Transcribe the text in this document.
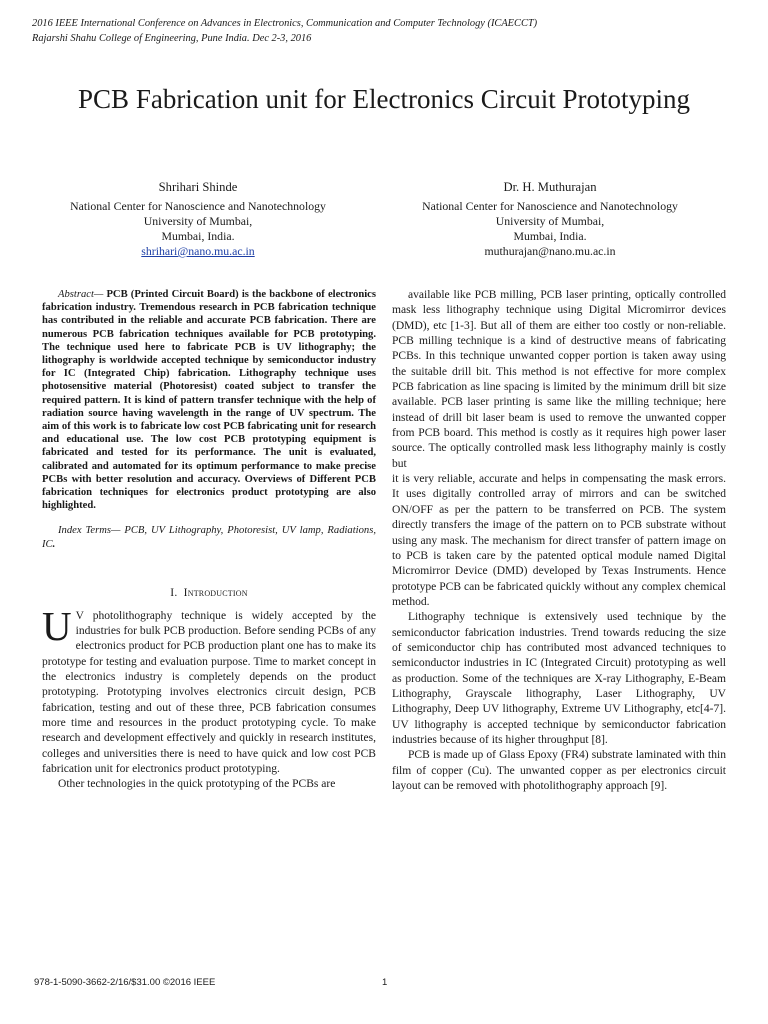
2016 IEEE International Conference on Advances in Electronics, Communication and Computer Technology (ICAECCT)
Rajarshi Shahu College of Engineering, Pune India. Dec 2-3, 2016
PCB Fabrication unit for Electronics Circuit Prototyping
Shrihari Shinde
National Center for Nanoscience and Nanotechnology
University of Mumbai,
Mumbai, India.
shrihari@nano.mu.ac.in
Dr. H. Muthurajan
National Center for Nanoscience and Nanotechnology
University of Mumbai,
Mumbai, India.
muthurajan@nano.mu.ac.in

Abstract— PCB (Printed Circuit Board) is the backbone of electronics fabrication industry. Tremendous research in PCB fabrication technique has contributed in the reliable and accurate PCB fabrication. There are numerous PCB fabrication techniques available for PCB prototyping. The technique used here to fabricate PCB is UV lithography; the lithography is worldwide accepted technique by semiconductor industry for IC (Integrated Chip) fabrication. Lithography technique uses photosensitive material (Photoresist) coated subject to transfer the required pattern. It is kind of pattern transfer technique with the help of radiation source having wavelength in the range of UV spectrum. The aim of this work is to fabricate low cost PCB fabricating unit for research and educational use. The low cost PCB prototyping equipment is fabricated and tested for its performance. The unit is evaluated, calibrated and automated for its optimum performance to make precise PCBs with better resolution and accuracy. Overviews of Different PCB fabrication techniques for electronics product prototyping are also highlighted.

Index Terms— PCB, UV Lithography, Photoresist, UV lamp, Radiations, IC.

I. Introduction

U V photolithography technique is widely accepted by the industries for bulk PCB production. Before sending PCBs of any electronics product for PCB production plant one has to make its prototype for testing and evaluation purpose. Time to market concept in the electronics industry is completely depends on the product prototyping. Prototyping involves electronics circuit design, PCB fabrication, testing and out of these three, PCB fabrication consumes more time and resources in the product prototyping cycle. To make research and development effectively and quickly in research institutes, colleges and universities there is need to have quick and low cost PCB fabrication unit for electronics product prototyping.

Other technologies in the quick prototyping of the PCBs are

available like PCB milling, PCB laser printing, optically controlled mask less lithography technique using Digital Micromirror devices (DMD), etc [1-3]. But all of them are either too costly or non-reliable. PCB milling technique is a kind of destructive means of fabricating PCBs. In this technique unwanted copper portion is taken away using the suitable drill bit. This method is not effective for more complex PCB fabrication as line spacing is limited by the minimum drill bit size available. PCB laser printing is same like the milling technique; here instead of drill bit laser beam is used to remove the unwanted copper from PCB board. This method is costly as it requires high power laser source. The optically controlled mask less lithography mainly is costly but

it is very reliable, accurate and helps in compensating the mask errors. It uses digitally controlled array of mirrors and can be switched ON/OFF as per the pattern to be transferred on PCB. The system directly transfers the image of the pattern on to PCB substrate without using any mask. The mechanism for direct transfer of pattern image on to PCB is taken care by the patented optical module named Digital Micromirror Device (DMD) developed by Texas Instruments. Hence prototype PCB can be fabricated quickly without any complex chemical method.

Lithography technique is extensively used technique by the semiconductor fabrication industries. Trend towards reducing the size of semiconductor chip has contributed most advanced techniques to semiconductor industries in IC (Integrated Circuit) prototyping as well as production. Some of the techniques are X-ray Lithography, E-Beam Lithography, Grayscale lithography, Laser Lithography, UV Lithography, Deep UV lithography, Extreme UV Lithography, etc[4-7]. UV lithography is accepted technique by semiconductor fabrication industries because of its higher throughput [8].

PCB is made up of Glass Epoxy (FR4) substrate laminated with thin film of copper (Cu). The unwanted copper as per electronics circuit layout can be removed with photolithography approach [9].

978-1-5090-3662-2/16/$31.00 ©2016 IEEE	1
